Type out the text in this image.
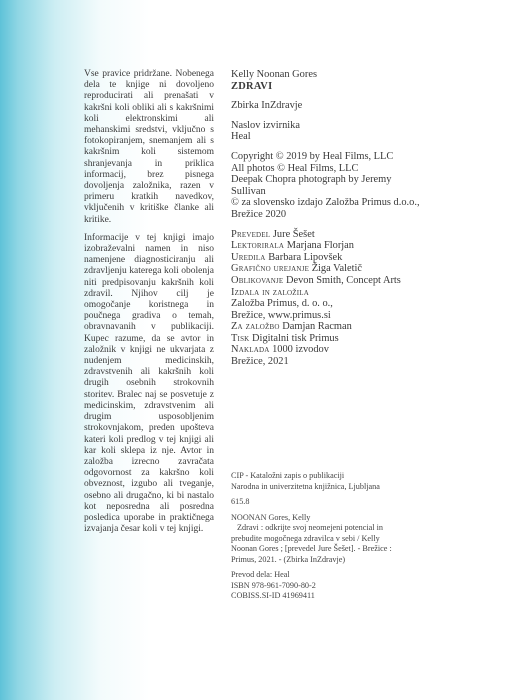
Vse pravice pridržane. Nobenega dela te knjige ni dovoljeno reproducirati ali prenašati v kakršni koli obliki ali s kakršnimi koli elektronskimi ali mehanskimi sredstvi, vključno s fotokopiranjem, snemanjem ali s kakršnim koli sistemom shranjevanja in priklica informacij, brez pisnega dovoljenja založnika, razen v primeru kratkih navedkov, vključenih v kritiške članke ali kritike.

Informacije v tej knjigi imajo izobraževalni namen in niso namenjene diagnosticiranju ali zdravljenju katerega koli obolenja niti predpisovanju kakršnih koli zdravil. Njihov cilj je omogočanje koristnega in poučnega gradiva o temah, obravnavanih v publikaciji. Kupec razume, da se avtor in založnik v knjigi ne ukvarjata z nudenjem medicinskih, zdravstvenih ali kakršnih koli drugih osebnih strokovnih storitev. Bralec naj se posvetuje z medicinskim, zdravstvenim ali drugim usposobljenim strokovnjakom, preden upošteva kateri koli predlog v tej knjigi ali kar koli sklepa iz nje. Avtor in založba izrecno zavračata odgovornost za kakršno koli obveznost, izgubo ali tveganje, osebno ali drugačno, ki bi nastalo kot neposredna ali posredna posledica uporabe in praktičnega izvajanja česar koli v tej knjigi.

Kelly Noonan Gores
ZDRAVI
Zbirka InZdravje
Naslov izvirnika
Heal
Copyright © 2019 by Heal Films, LLC
All photos © Heal Films, LLC
Deepak Chopra photograph by Jeremy
Sullivan
© za slovensko izdajo Založba Primus d.o.o.,
Brežice 2020
Prevedel Jure Šešet
Lektorirala Marjana Florjan
Uredila Barbara Lipovšek
Grafično urejanje Žiga Valetič
Oblikovanje Devon Smith, Concept Arts
Izdala in založila
Založba Primus, d. o. o.,
Brežice, www.primus.si
Za založbo Damjan Racman
Tisk Digitalni tisk Primus
Naklada 1000 izvodov
Brežice, 2021
CIP - Kataložni zapis o publikaciji
Narodna in univerzitetna knjižnica, Ljubljana
615.8
NOONAN Gores, Kelly
Zdravi : odkrijte svoj neomejeni potencial in
prebudite mogočnega zdravilca v sebi / Kelly
Noonan Gores ; [prevedel Jure Šešet]. - Brežice :
Primus, 2021. - (Zbirka InZdravje)
Prevod dela: Heal
ISBN 978-961-7090-80-2
COBISS.SI-ID 41969411
